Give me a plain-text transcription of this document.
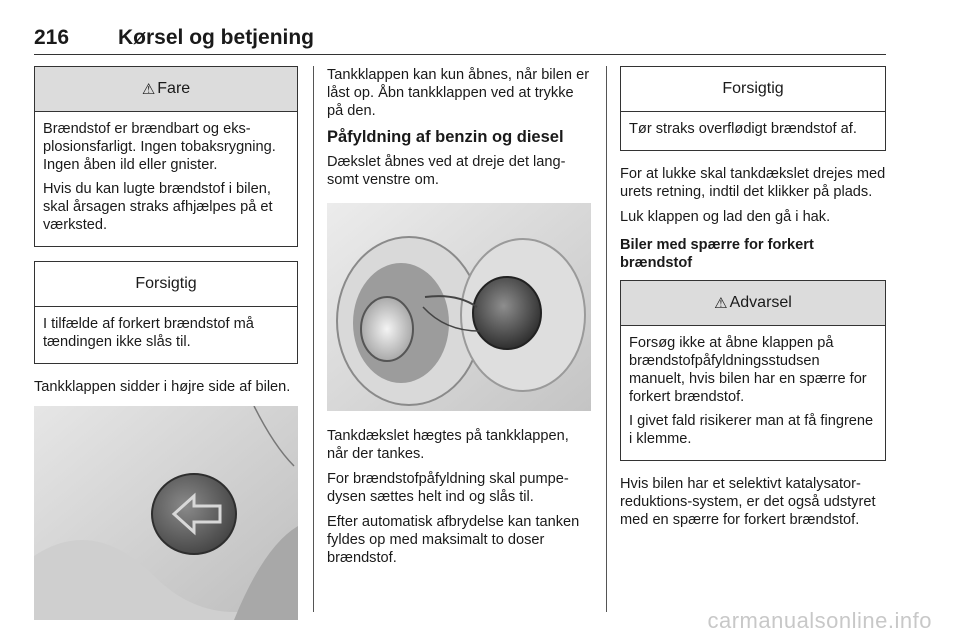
216 Kørsel og betjening
⚠ Fare

Brændstof er brændbart og eksplosionsfarligt. Ingen tobaksrygning. Ingen åben ild eller gnister.

Hvis du kan lugte brændstof i bilen, skal årsagen straks afhjælpes på et værksted.

Forsigtig

I tilfælde af forkert brændstof må tændingen ikke slås til.

Tankklappen sidder i højre side af bilen.

Tankklappen kan kun åbnes, når bilen er låst op. Åbn tankklappen ved at trykke på den.

Påfyldning af benzin og diesel

Dækslet åbnes ved at dreje det langsomt venstre om.

Tankdækslet hægtes på tankklappen, når der tankes.

For brændstofpåfyldning skal pumpedysen sættes helt ind og slås til.

Efter automatisk afbrydelse kan tanken fyldes op med maksimalt to doser brændstof.

Forsigtig

Tør straks overflødigt brændstof af.

For at lukke skal tankdækslet drejes med urets retning, indtil det klikker på plads.

Luk klappen og lad den gå i hak.

Biler med spærre for forkert brændstof
⚠ Advarsel

Forsøg ikke at åbne klappen på brændstofpåfyldningsstudsen manuelt, hvis bilen har en spærre for forkert brændstof.

I givet fald risikerer man at få fingrene i klemme.

Hvis bilen har et selektivt katalysator-reduktions-system, er det også udstyret med en spærre for forkert brændstof.

carmanualsonline.info
